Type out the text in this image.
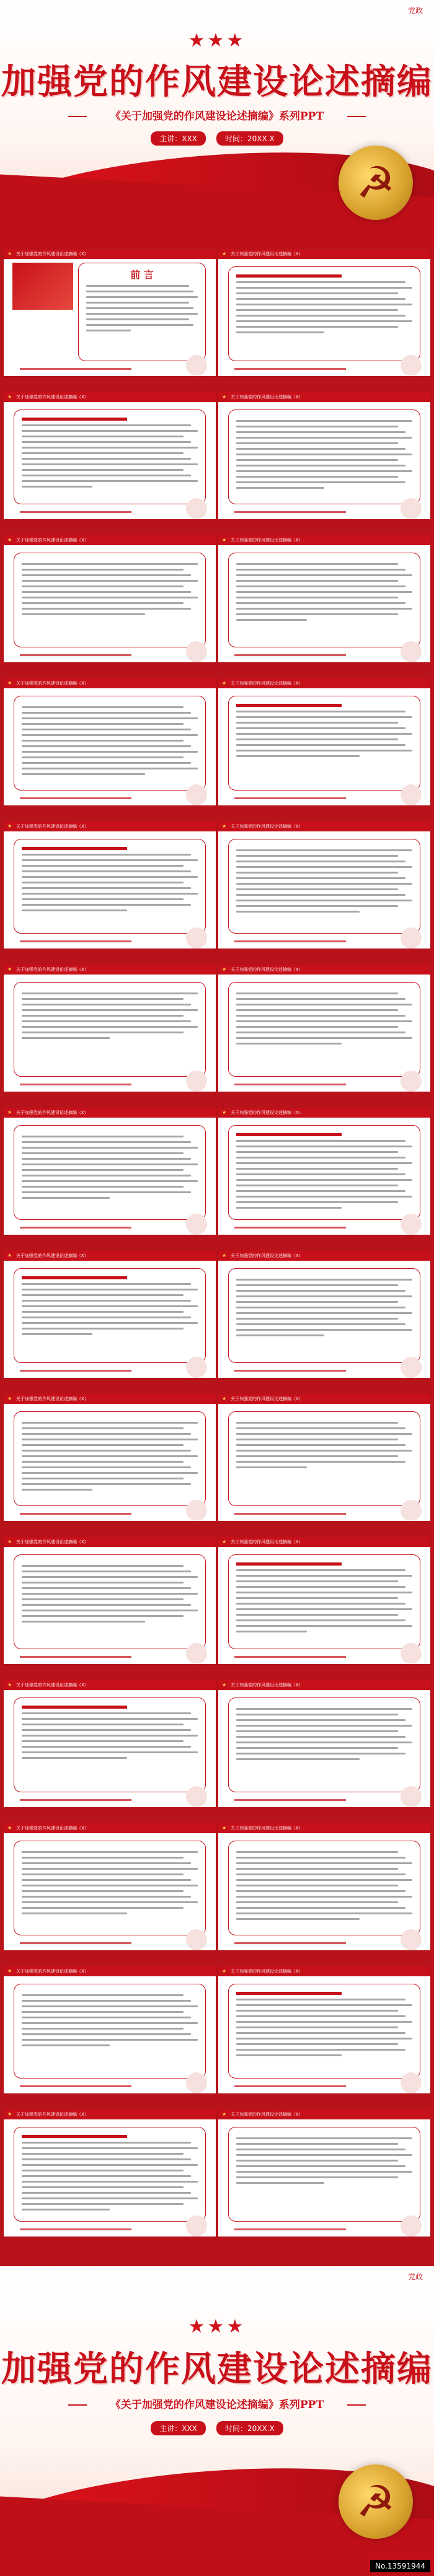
党政
★★★
加强党的作风建设论述摘编
《关于加强党的作风建设论述摘编》系列PPT
主讲：XXX	时间：20XX.X
☭
★ 关于加强党的作风建设论述摘编（X）
前 言
★ 关于加强党的作风建设论述摘编（X）
★ 关于加强党的作风建设论述摘编（X）	★ 关于加强党的作风建设论述摘编（X）
★ 关于加强党的作风建设论述摘编（X）	★ 关于加强党的作风建设论述摘编（X）
★ 关于加强党的作风建设论述摘编（X）	★ 关于加强党的作风建设论述摘编（X）
★ 关于加强党的作风建设论述摘编（X）	★ 关于加强党的作风建设论述摘编（X）
★ 关于加强党的作风建设论述摘编（X）	★ 关于加强党的作风建设论述摘编（X）
★ 关于加强党的作风建设论述摘编（X）	★ 关于加强党的作风建设论述摘编（X）
★ 关于加强党的作风建设论述摘编（X）	★ 关于加强党的作风建设论述摘编（X）
★ 关于加强党的作风建设论述摘编（X）	★ 关于加强党的作风建设论述摘编（X）
★ 关于加强党的作风建设论述摘编（X）	★ 关于加强党的作风建设论述摘编（X）
★ 关于加强党的作风建设论述摘编（X）	★ 关于加强党的作风建设论述摘编（X）
★ 关于加强党的作风建设论述摘编（X）	★ 关于加强党的作风建设论述摘编（X）
★ 关于加强党的作风建设论述摘编（X）	★ 关于加强党的作风建设论述摘编（X）
★ 关于加强党的作风建设论述摘编（X）	★ 关于加强党的作风建设论述摘编（X）
党政
★★★
加强党的作风建设论述摘编
《关于加强党的作风建设论述摘编》系列PPT
主讲：XXX	时间：20XX.X
☭
No.13591944
